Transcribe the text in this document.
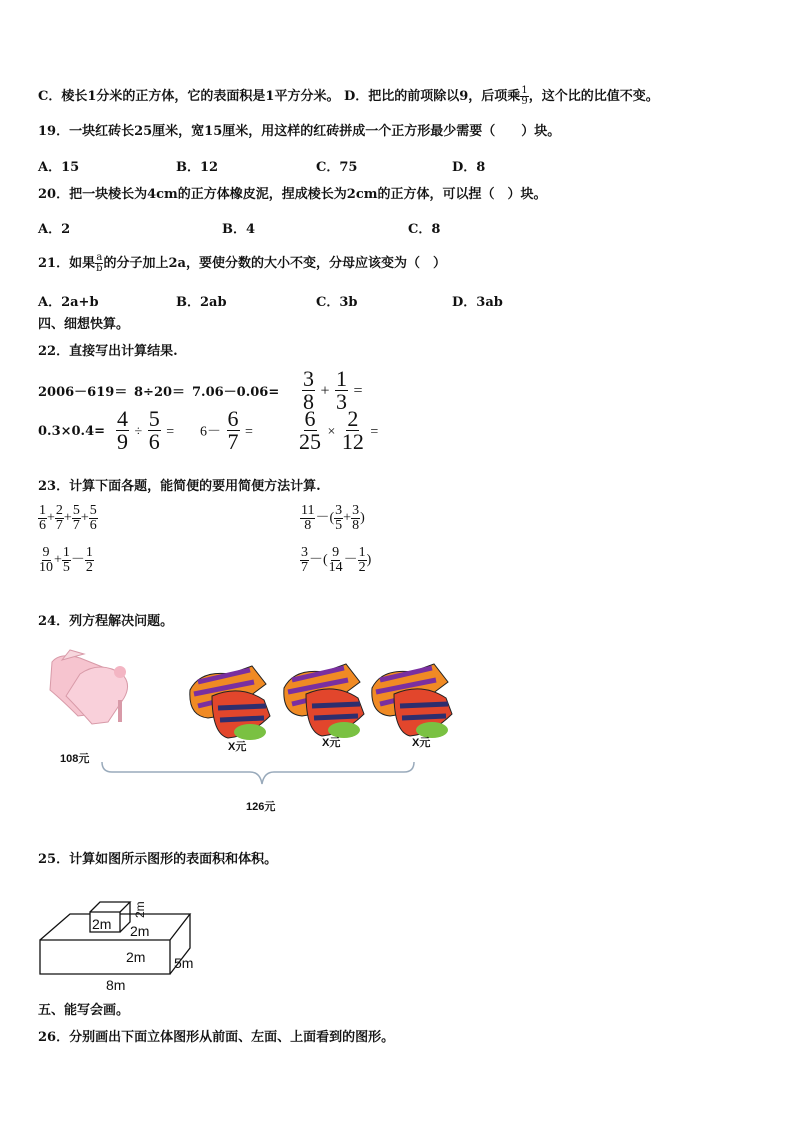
C．棱长1分米的正方体，它的表面积是1平方分米。 D．把比的前项除以9，后项乘 $\frac{1}{9}$ ，这个比的比值不变。
19．一块红砖长25厘米，宽15厘米，用这样的红砖拼成一个正方形最少需要（　　）块。
A．15	B．12	C．75	D．8
20．把一块棱长为4cm的正方体橡皮泥，捏成棱长为2cm的正方体，可以捏（　）块。
A．2	B．4	C．8
21．如果 $\frac{a}{b}$ 的分子加上2a，要使分数的大小不变，分母应该变为（　）
A．2a+b	B．2ab	C．3b	D．3ab
四、细想快算。
22．直接写出计算结果.
$2006-619= 8\div 20= 7.06-0.06= \frac{3}{8} + \frac{1}{3}$ =
$0.3\times 0.4= \frac{4}{9} \div \frac{5}{6} = 6- \frac{6}{7} = \frac{6}{25} \times \frac{2}{12}$ =
23．计算下面各题，能简便的要用简便方法计算.
$\frac{1}{6} + \frac{2}{7} + \frac{5}{7} + \frac{5}{6}$	$\frac{11}{8}$ －( $\frac{3}{5} + \frac{3}{8}$ )
$\frac{9}{10} + \frac{1}{5} - \frac{1}{2}$	$\frac{3}{7}$ －( $\frac{9}{14} - \frac{1}{2}$ )
24．列方程解决问题。
108元
X元	X元	X元
126元
25．计算如图所示图形的表面积和体积。
2m
2m
2m
2m 5m
8m
五、能写会画。
26．分别画出下面立体图形从前面、左面、上面看到的图形。
